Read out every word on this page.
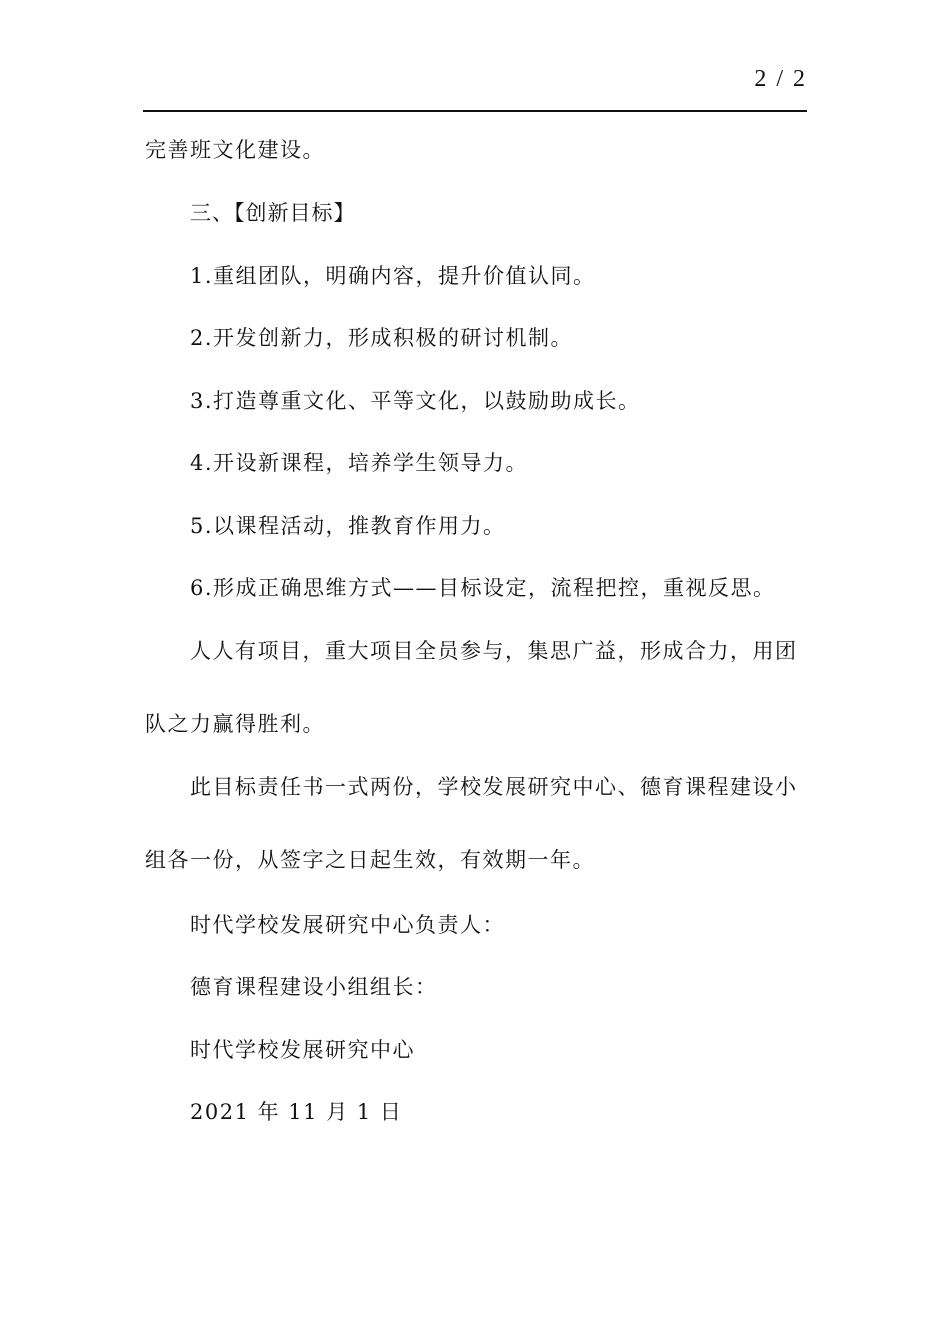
2 / 2
完善班文化建设。
三、【创新目标】
1.重组团队，明确内容，提升价值认同。
2.开发创新力，形成积极的研讨机制。
3.打造尊重文化、平等文化，以鼓励助成长。
4.开设新课程，培养学生领导力。
5.以课程活动，推教育作用力。
6.形成正确思维方式——目标设定，流程把控，重视反思。
人人有项目，重大项目全员参与，集思广益，形成合力，用团
队之力赢得胜利。
此目标责任书一式两份，学校发展研究中心、德育课程建设小
组各一份，从签字之日起生效，有效期一年。
时代学校发展研究中心负责人：
德育课程建设小组组长：
时代学校发展研究中心
2021 年 11 月 1 日
